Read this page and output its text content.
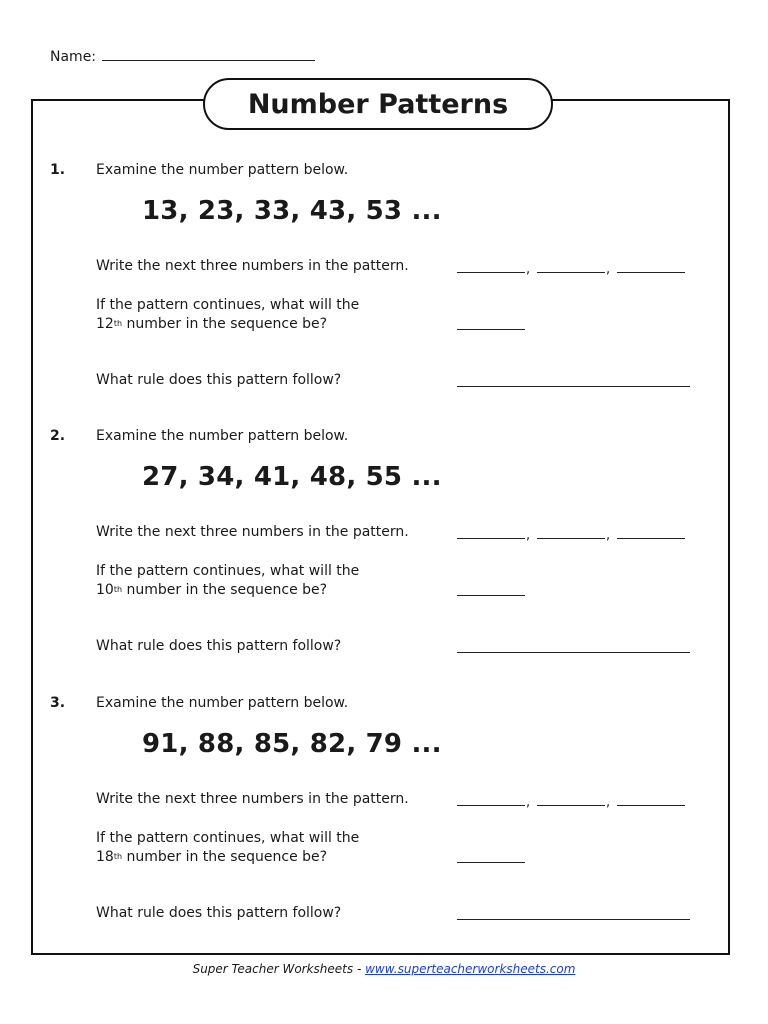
Name:
Number Patterns
1. Examine the number pattern below.
13, 23, 33, 43, 53 ...
Write the next three numbers in the pattern.	,	,
If the pattern continues, what will the
12th number in the sequence be?
What rule does this pattern follow?
2. Examine the number pattern below.
27, 34, 41, 48, 55 ...
Write the next three numbers in the pattern.	,	,
If the pattern continues, what will the
10th number in the sequence be?
What rule does this pattern follow?
3. Examine the number pattern below.
91, 88, 85, 82, 79 ...
Write the next three numbers in the pattern.	,	,
If the pattern continues, what will the
18th number in the sequence be?
What rule does this pattern follow?
Super Teacher Worksheets - www.superteacherworksheets.com
